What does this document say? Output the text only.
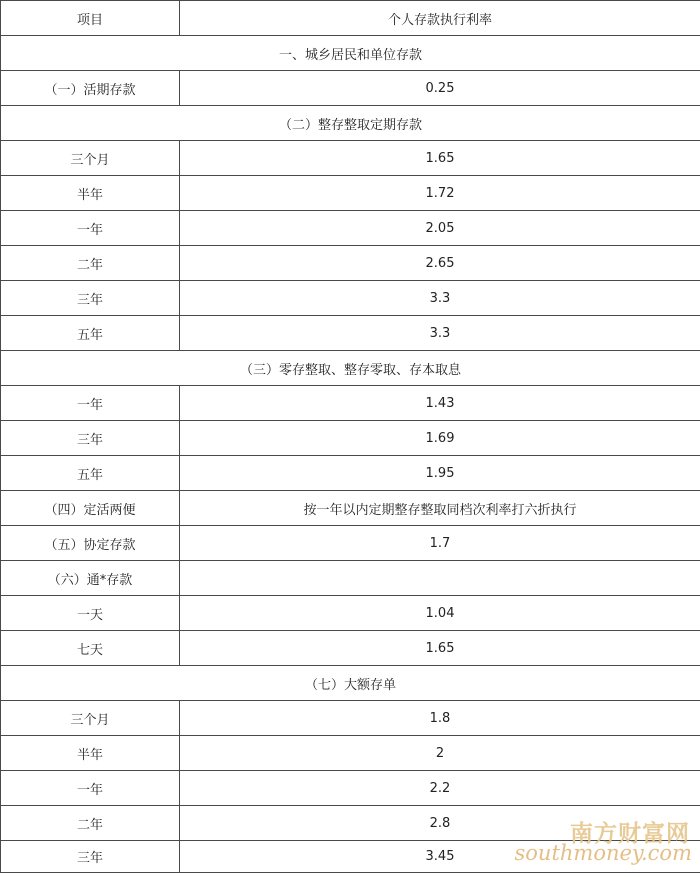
项目	个人存款执行利率
一、城乡居民和单位存款	
（一）活期存款	0.25
（二）整存整取定期存款	
三个月	1.65
半年	1.72
一年	2.05
二年	2.65
三年	3.3
五年	3.3
（三）零存整取、整存零取、存本取息	
一年	1.43
三年	1.69
五年	1.95
（四）定活两便	按一年以内定期整存整取同档次利率打六折执行
（五）协定存款	1.7
（六）通*存款	
一天	1.04
七天	1.65
（七）大额存单	
三个月	1.8
半年	2
一年	2.2
二年	2.8
三年	3.45
南方财富网
southmoney.com
